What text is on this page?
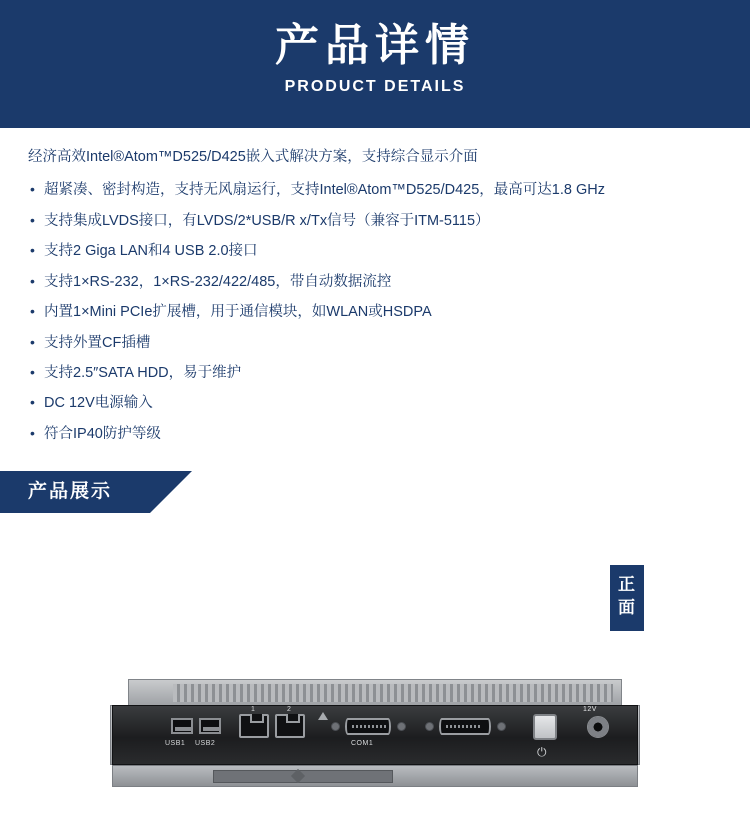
产品详情

PRODUCT DETAILS

经济高效Intel®Atom™D525/D425嵌入式解决方案，支持综合显示介面

• 超紧凑、密封构造，支持无风扇运行，支持Intel®Atom™D525/D425，最高可达1.8 GHz
• 支持集成LVDS接口，有LVDS/2*USB/R x/Tx信号（兼容于ITM-5115）
• 支持2 Giga LAN和4 USB 2.0接口
• 支持1×RS-232，1×RS-232/422/485，带自动数据流控
• 内置1×Mini PCIe扩展槽，用于通信模块，如WLAN或HSDPA
• 支持外置CF插槽
• 支持2.5″SATA HDD，易于维护
• DC 12V电源输入
• 符合IP40防护等级
产品展示
正面
USB1 USB2
1	2
COM1
⏻
12V
